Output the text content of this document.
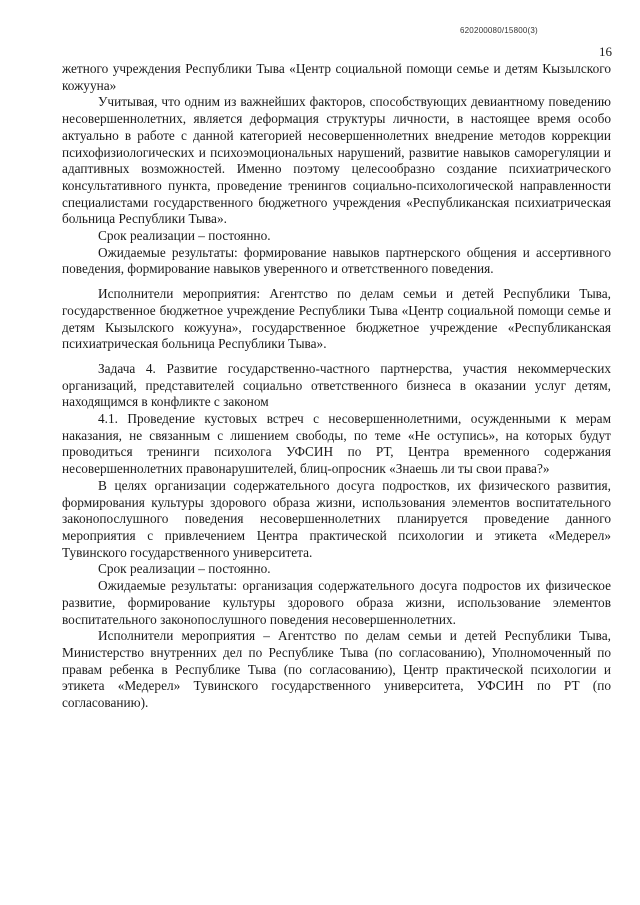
620200080/15800(3)
16

жетного учреждения Республики Тыва «Центр социальной помощи семье и детям Кызылского кожууна»

Учитывая, что одним из важнейших факторов, способствующих девиантному поведению несовершеннолетних, является деформация структуры личности, в настоящее время особо актуально в работе с данной категорией несовершеннолетних внедрение методов коррекции психофизиологических и психоэмоциональных нарушений, развитие навыков саморегуляции и адаптивных возможностей. Именно поэтому целесообразно создание психиатрического консультативного пункта, проведение тренингов социально-психологической направленности специалистами государственного бюджетного учреждения «Республиканская психиатрическая больница Республики Тыва».

Срок реализации – постоянно.

Ожидаемые результаты: формирование навыков партнерского общения и ассертивного поведения, формирование навыков уверенного и ответственного поведения.

Исполнители мероприятия: Агентство по делам семьи и детей Республики Тыва, государственное бюджетное учреждение Республики Тыва «Центр социальной помощи семье и детям Кызылского кожууна», государственное бюджетное учреждение «Республиканская психиатрическая больница Республики Тыва».

Задача 4. Развитие государственно-частного партнерства, участия некоммерческих организаций, представителей социально ответственного бизнеса в оказании услуг детям, находящимся в конфликте с законом

4.1. Проведение кустовых встреч с несовершеннолетними, осужденными к мерам наказания, не связанным с лишением свободы, по теме «Не оступись», на которых будут проводиться тренинги психолога УФСИН по РТ, Центра временного содержания несовершеннолетних правонарушителей, блиц-опросник «Знаешь ли ты свои права?»

В целях организации содержательного досуга подростков, их физического развития, формирования культуры здорового образа жизни, использования элементов воспитательного законопослушного поведения несовершеннолетних планируется проведение данного мероприятия с привлечением Центра практической психологии и этикета «Медерел» Тувинского государственного университета.

Срок реализации – постоянно.

Ожидаемые результаты: организация содержательного досуга подростов их физическое развитие, формирование культуры здорового образа жизни, использование элементов воспитательного законопослушного поведения несовершеннолетних.

Исполнители мероприятия – Агентство по делам семьи и детей Республики Тыва, Министерство внутренних дел по Республике Тыва (по согласованию), Уполномоченный по правам ребенка в Республике Тыва (по согласованию), Центр практической психологии и этикета «Медерел» Тувинского государственного университета, УФСИН по РТ (по согласованию).
